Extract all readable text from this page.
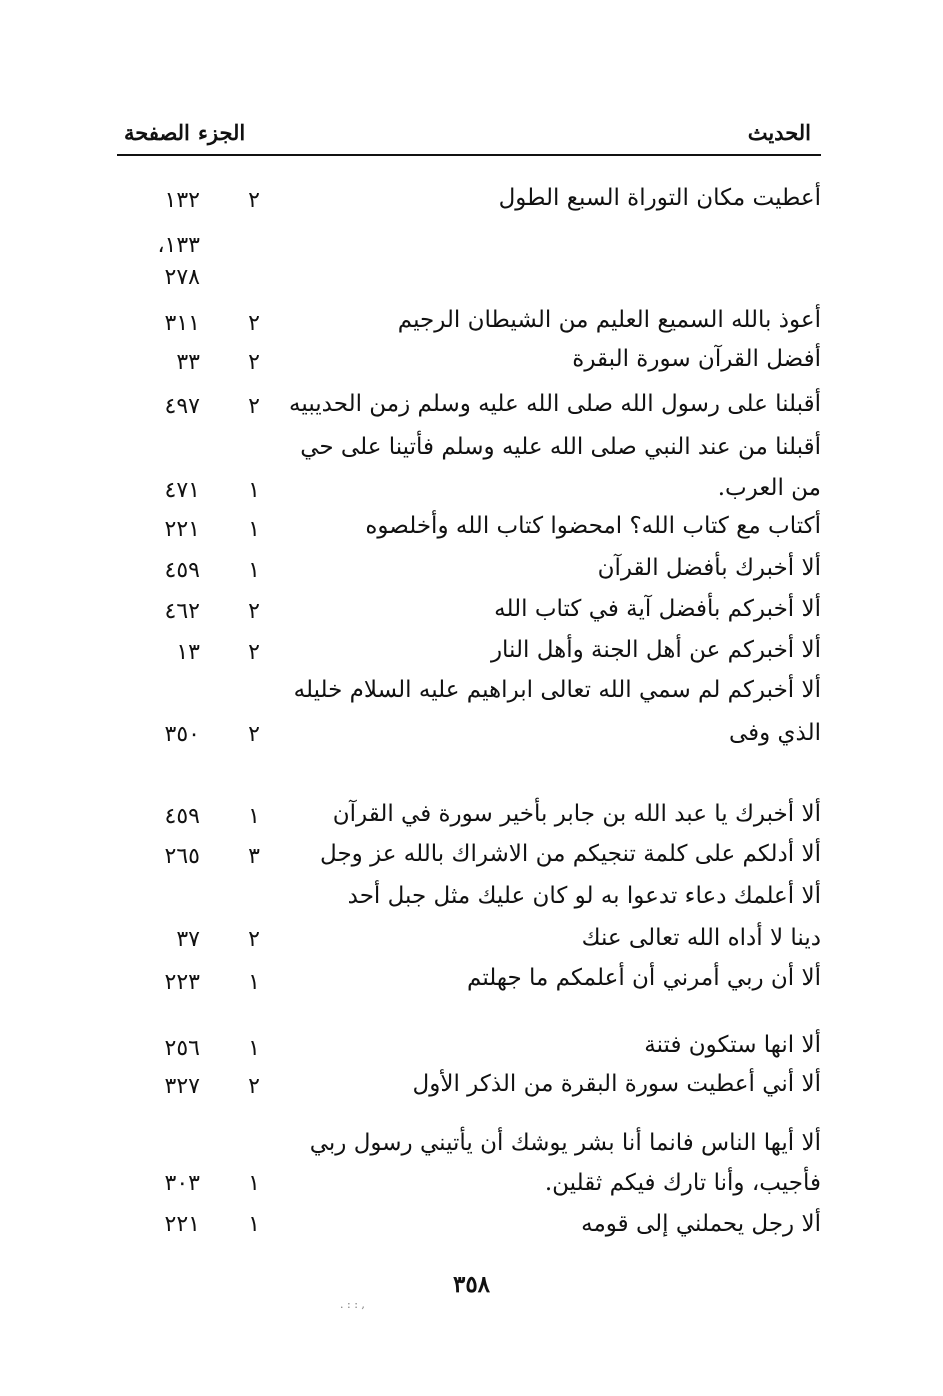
الحديث
الجزء
الصفحة
أعطيت مكان التوراة السبع الطول
أعوذ بالله السميع العليم من الشيطان الرجيم
أفضل القرآن سورة البقرة
أقبلنا على رسول الله صلى الله عليه وسلم زمن الحديبيه
أقبلنا من عند النبي صلى الله عليه وسلم فأتينا على حي
من العرب.
أكتاب مع كتاب الله؟ امحضوا كتاب الله وأخلصوه
ألا أخبرك بأفضل القرآن
ألا أخبركم بأفضل آية في كتاب الله
ألا أخبركم عن أهل الجنة وأهل النار
ألا أخبركم لم سمي الله تعالى ابراهيم عليه السلام خليله
الذي وفى
ألا أخبرك يا عبد الله بن جابر بأخير سورة في القرآن
ألا أدلكم على كلمة تنجيكم من الاشراك بالله عز وجل
ألا أعلمك دعاء تدعوا به لو كان عليك مثل جبل أحد
دينا لا أداه الله تعالى عنك
ألا أن ربي أمرني أن أعلمكم ما جهلتم
ألا انها ستكون فتنة
ألا أني أعطيت سورة البقرة من الذكر الأول
ألا أيها الناس فانما أنا بشر يوشك أن يأتيني رسول ربي
فأجيب، وأنا تارك فيكم ثقلين.
ألا رجل يحملني إلى قومه
٢
١٣٢
١٣٣،
٢٧٨
٢
٣١١
٢
٣٣
٢
٤٩٧
١
٤٧١
١
٢٢١
١
٤٥٩
٢
٤٦٢
٢
١٣
٢
٣٥٠
١
٤٥٩
٣
٢٦٥
٢
٣٧
١
٢٢٣
١
٢٥٦
٢
٣٢٧
١
٣٠٣
١
٢٢١
٣٥٨
. : : ,
